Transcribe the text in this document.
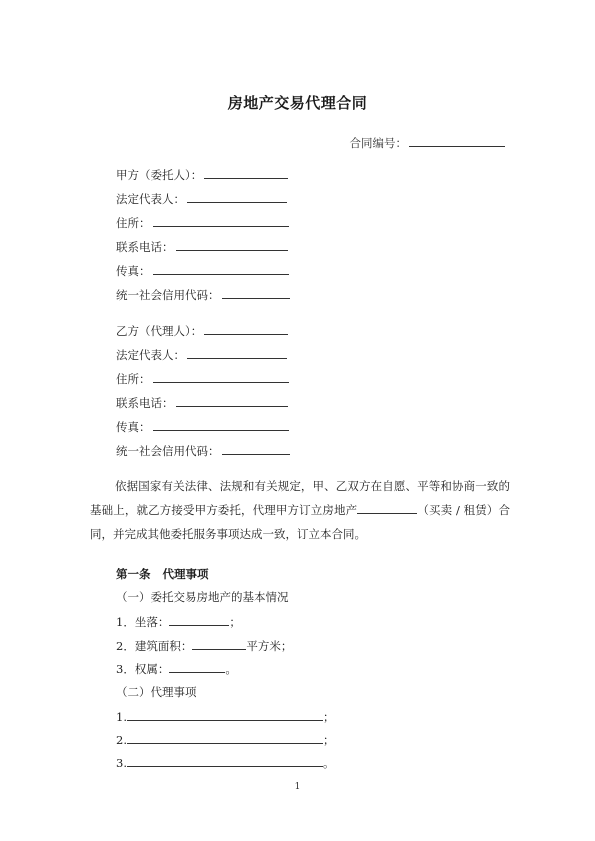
房地产交易代理合同
合同编号：
甲方（委托人）：
法定代表人：
住所：
联系电话：
传真：
统一社会信用代码：
乙方（代理人）：
法定代表人：
住所：
联系电话：
传真：
统一社会信用代码：
依据国家有关法律、法规和有关规定，甲、乙双方在自愿、平等和协商一致的基础上，就乙方接受甲方委托，代理甲方订立房地产	（买卖 / 租赁）合同，并完成其他委托服务事项达成一致，订立本合同。
第一条 代理事项
（一）委托交易房地产的基本情况
1．坐落：	；
2．建筑面积：	平方米；
3．权属：	。
（二）代理事项
1.	；
2.	；
3.	。
1
